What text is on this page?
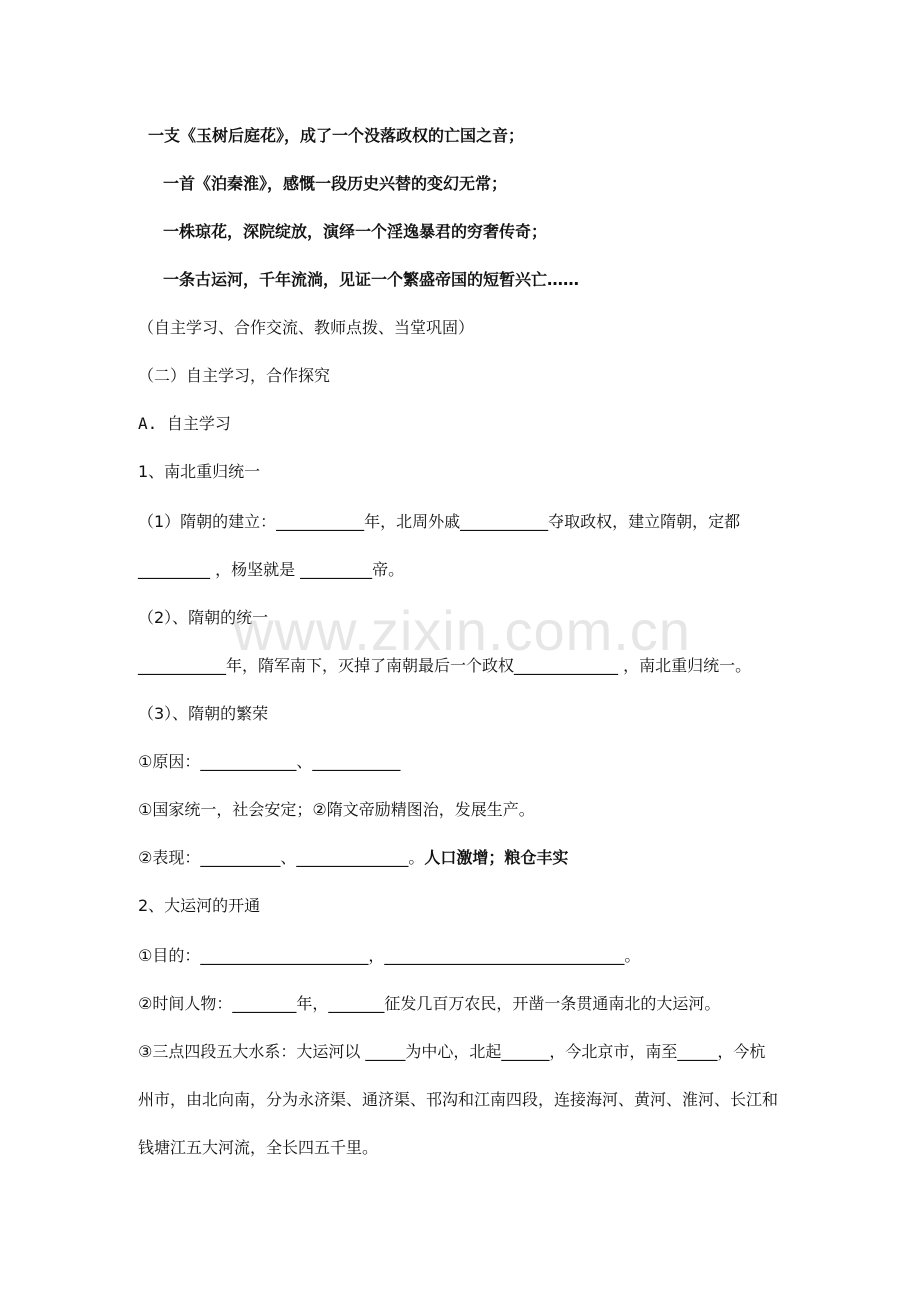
一支《玉树后庭花》，成了一个没落政权的亡国之音；
一首《泊秦淮》，感慨一段历史兴替的变幻无常；
一株琼花，深院绽放，演绎一个淫逸暴君的穷奢传奇；
一条古运河，千年流淌，见证一个繁盛帝国的短暂兴亡……
（自主学习、合作交流、教师点拨、当堂巩固）
（二）自主学习，合作探究
A. 自主学习
1、南北重归统一
（1）隋朝的建立：___________年，北周外戚___________夺取政权，建立隋朝，定都
_________ ，杨坚就是 _________帝。
（2）、隋朝的统一
___________年，隋军南下，灭掉了南朝最后一个政权_____________ ，南北重归统一。
（3）、隋朝的繁荣
①原因：____________、___________
①国家统一，社会安定；②隋文帝励精图治，发展生产。
②表现：__________、______________。人口激增；粮仓丰实
2、大运河的开通
①目的：_____________________，______________________________。
②时间人物：________年，_______征发几百万农民，开凿一条贯通南北的大运河。
③三点四段五大水系：大运河以 _____为中心，北起______，今北京市，南至_____，今杭
州市，由北向南，分为永济渠、通济渠、邗沟和江南四段，连接海河、黄河、淮河、长江和
钱塘江五大河流，全长四五千里。
www.zixin.com.cn
